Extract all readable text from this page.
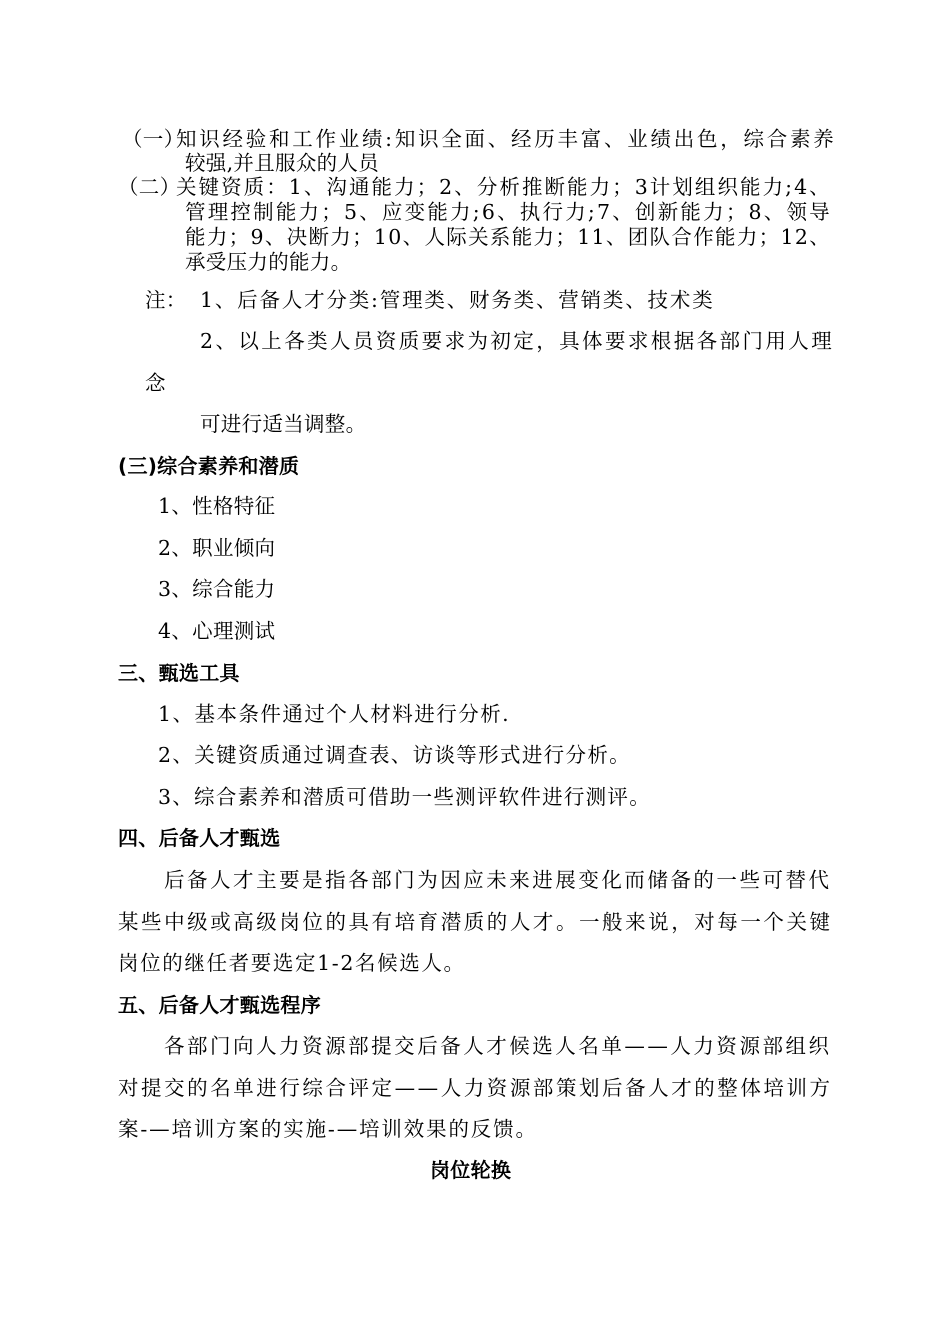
（一）
知识经验和工作业绩:知识全面、经历丰富、业绩出色，综合素养
较强,并且服众的人员
（二）
关键资质：1、沟通能力；2、分析推断能力；3计划组织能力;4、
管理控制能力；5、应变能力;6、执行力;7、创新能力；8、领导
能力；9、决断力；10、人际关系能力；11、团队合作能力；12、
承受压力的能力。
注： 1、后备人才分类:管理类、财务类、营销类、技术类
2、以上各类人员资质要求为初定，具体要求根据各部门用人理
念
可进行适当调整。
(三)综合素养和潜质
1、性格特征
2、职业倾向
3、综合能力
4、心理测试
三、甄选工具
1、基本条件通过个人材料进行分析.
2、关键资质通过调查表、访谈等形式进行分析。
3、综合素养和潜质可借助一些测评软件进行测评。
四、后备人才甄选
后备人才主要是指各部门为因应未来进展变化而储备的一些可替代
某些中级或高级岗位的具有培育潜质的人才。一般来说，对每一个关键
岗位的继任者要选定1-2名候选人。
五、后备人才甄选程序
各部门向人力资源部提交后备人才候选人名单——人力资源部组织
对提交的名单进行综合评定——人力资源部策划后备人才的整体培训方
案-—培训方案的实施-—培训效果的反馈。
岗位轮换
